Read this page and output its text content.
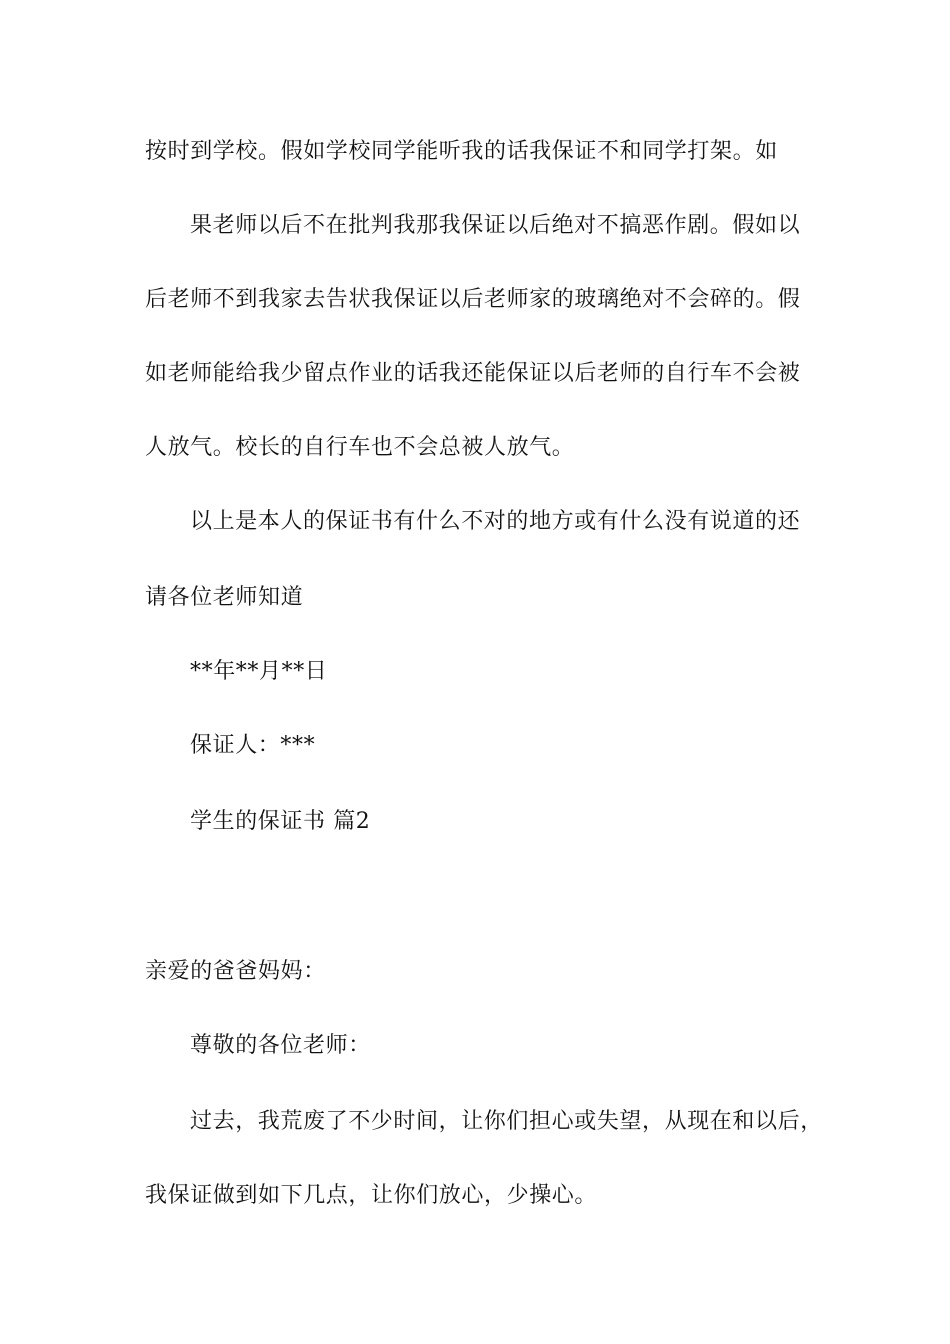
按时到学校。假如学校同学能听我的话我保证不和同学打架。如
果老师以后不在批判我那我保证以后绝对不搞恶作剧。假如以
后老师不到我家去告状我保证以后老师家的玻璃绝对不会碎的。假
如老师能给我少留点作业的话我还能保证以后老师的自行车不会被
人放气。校长的自行车也不会总被人放气。
以上是本人的保证书有什么不对的地方或有什么没有说道的还
请各位老师知道
**年**月**日
保证人：***
学生的保证书 篇2
亲爱的爸爸妈妈：
尊敬的各位老师：
过去，我荒废了不少时间，让你们担心或失望，从现在和以后，
我保证做到如下几点，让你们放心，少操心。
